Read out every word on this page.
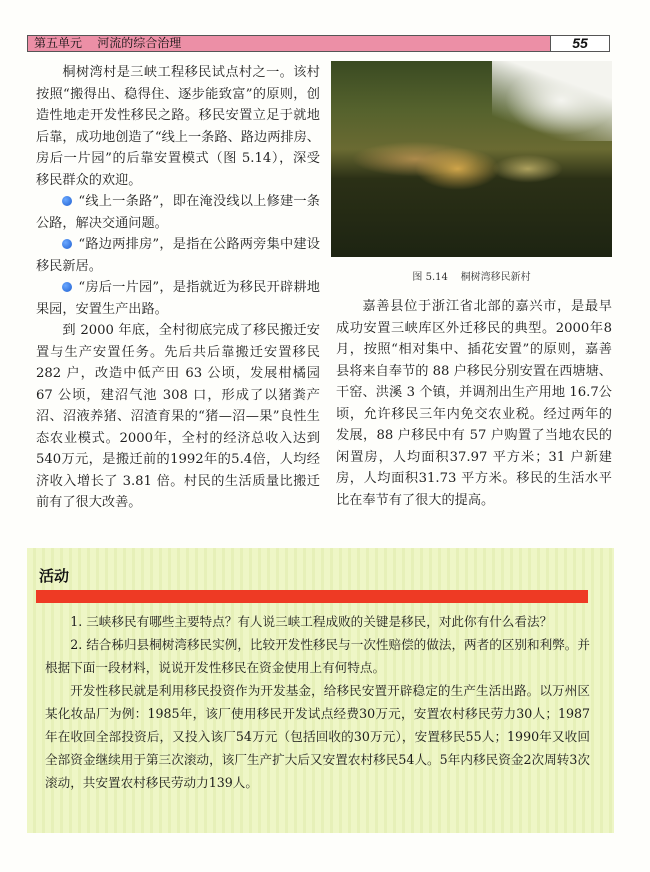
第五单元    河流的综合治理	55

桐树湾村是三峡工程移民试点村之一。该村按照“搬得出、稳得住、逐步能致富”的原则，创造性地走开发性移民之路。移民安置立足于就地后靠，成功地创造了“线上一条路、路边两排房、房后一片园”的后靠安置模式（图 5.14），深受移民群众的欢迎。

“线上一条路”，即在淹没线以上修建一条公路，解决交通问题。

“路边两排房”，是指在公路两旁集中建设移民新居。

“房后一片园”，是指就近为移民开辟耕地果园，安置生产出路。

到 2000 年底，全村彻底完成了移民搬迁安置与生产安置任务。先后共后靠搬迁安置移民 282 户，改造中低产田 63 公顷，发展柑橘园 67 公顷，建沼气池 308 口，形成了以猪粪产沼、沼液养猪、沼渣育果的“猪—沼—果”良性生态农业模式。2000年，全村的经济总收入达到540万元，是搬迁前的1992年的5.4倍，人均经济收入增长了 3.81 倍。村民的生活质量比搬迁前有了很大改善。

图 5.14    桐树湾移民新村

嘉善县位于浙江省北部的嘉兴市，是最早成功安置三峡库区外迁移民的典型。2000年8月，按照“相对集中、插花安置”的原则，嘉善县将来自奉节的 88 户移民分别安置在西塘塘、干窑、洪溪 3 个镇，并调剂出生产用地 16.7公顷，允许移民三年内免交农业税。经过两年的发展，88 户移民中有 57 户购置了当地农民的闲置房，人均面积37.97 平方米；31 户新建房，人均面积31.73 平方米。移民的生活水平比在奉节有了很大的提高。

活动

1. 三峡移民有哪些主要特点？有人说三峡工程成败的关键是移民，对此你有什么看法？

2. 结合秭归县桐树湾移民实例，比较开发性移民与一次性赔偿的做法，两者的区别和利弊。并根据下面一段材料，说说开发性移民在资金使用上有何特点。

开发性移民就是利用移民投资作为开发基金，给移民安置开辟稳定的生产生活出路。以万州区某化妆品厂为例：1985年，该厂使用移民开发试点经费30万元，安置农村移民劳力30人；1987年在收回全部投资后，又投入该厂54万元（包括回收的30万元），安置移民55人；1990年又收回全部资金继续用于第三次滚动，该厂生产扩大后又安置农村移民54人。5年内移民资金2次周转3次滚动，共安置农村移民劳动力139人。
